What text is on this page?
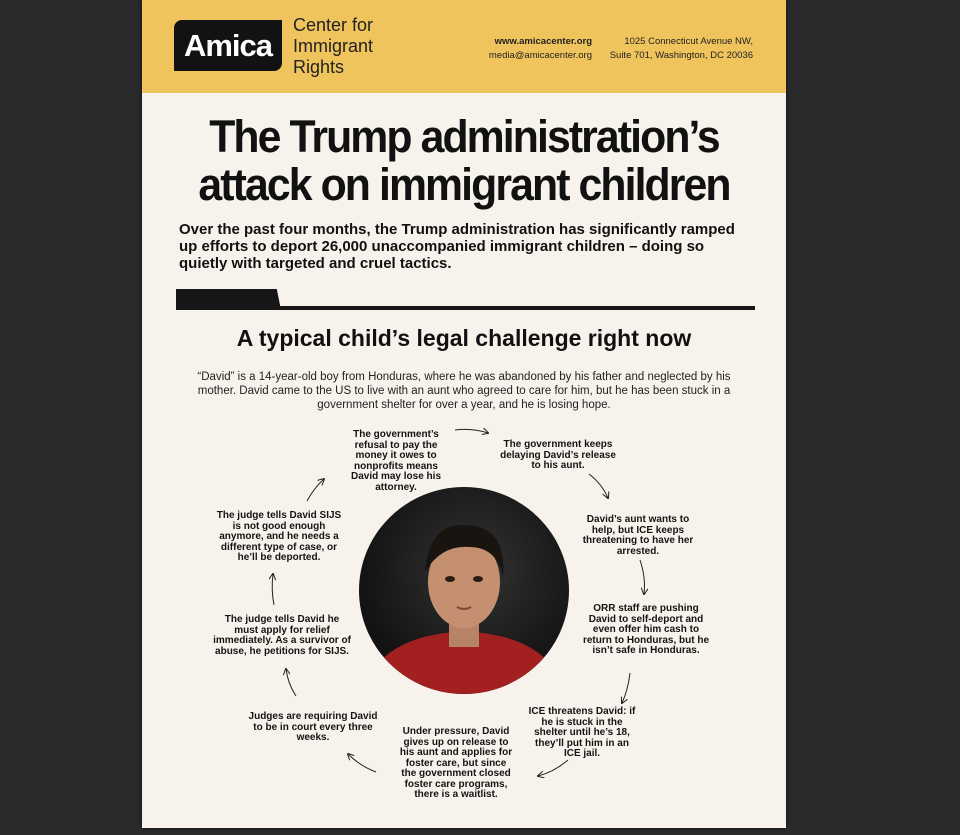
Amica
Center for
Immigrant
Rights
www.amicacenter.org
media@amicacenter.org
1025 Connecticut Avenue NW,
Suite 701, Washington, DC 20036
The Trump administration’s
attack on immigrant children
Over the past four months, the Trump administration has significantly ramped up efforts to deport 26,000 unaccompanied immigrant children – doing so quietly with targeted and cruel tactics.
A typical child’s legal challenge right now
“David” is a 14-year-old boy from Honduras, where he was abandoned by his father and neglected by his mother. David came to the US to live with an aunt who agreed to care for him, but he has been stuck in a government shelter for over a year, and he is losing hope.
The government’s refusal to pay the money it owes to nonprofits means David may lose his attorney.
The government keeps delaying David’s release to his aunt.
David’s aunt wants to help, but ICE keeps threatening to have her arrested.
ORR staff are pushing David to self-deport and even offer him cash to return to Honduras, but he isn’t safe in Honduras.
ICE threatens David: if he is stuck in the shelter until he’s 18, they’ll put him in an ICE jail.
Under pressure, David gives up on release to his aunt and applies for foster care, but since the government closed foster care programs, there is a waitlist.
Judges are requiring David to be in court every three weeks.
The judge tells David he must apply for relief immediately. As a survivor of abuse, he petitions for SIJS.
The judge tells David SIJS is not good enough anymore, and he needs a different type of case, or he’ll be deported.
